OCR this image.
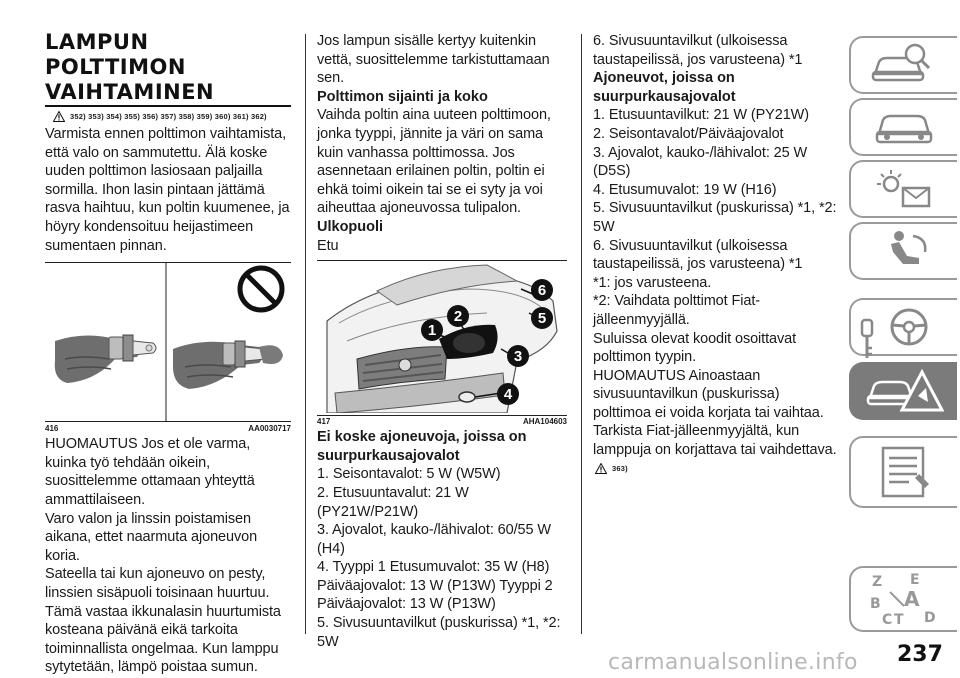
LAMPUN
POLTTIMON
VAIHTAMINEN
352) 353) 354) 355) 356) 357) 358) 359) 360) 361) 362)

Varmista ennen polttimon vaihtamista, että valo on sammutettu. Älä koske uuden polttimon lasiosaan paljailla sormilla. Ihon lasin pintaan jättämä rasva haihtuu, kun poltin kuumenee, ja höyry kondensoituu heijastimeen sumentaen pinnan.

416	AA0030717

HUOMAUTUS Jos et ole varma, kuinka työ tehdään oikein, suosittelemme ottamaan yhteyttä ammattilaiseen.

Varo valon ja linssin poistamisen aikana, ettet naarmuta ajoneuvon koria.

Sateella tai kun ajoneuvo on pesty, linssien sisäpuoli toisinaan huurtuu. Tämä vastaa ikkunalasin huurtumista kosteana päivänä eikä tarkoita toiminnallista ongelmaa. Kun lamppu sytytetään, lämpö poistaa sumun.

Jos lampun sisälle kertyy kuitenkin vettä, suosittelemme tarkistuttamaan sen.

Polttimon sijainti ja koko

Vaihda poltin aina uuteen polttimoon, jonka tyyppi, jännite ja väri on sama kuin vanhassa polttimossa. Jos asennetaan erilainen poltin, poltin ei ehkä toimi oikein tai se ei syty ja voi aiheuttaa ajoneuvossa tulipalon.

Ulkopuoli

Etu

1
2
3
4
5
6
417	AHA104603

Ei koske ajoneuvoja, joissa on

suurpurkausajovalot

1. Seisontavalot: 5 W (W5W)

2. Etusuuntavalut: 21 W (PY21W/P21W)

3. Ajovalot, kauko-/lähivalot: 60/55 W (H4)

4. Tyyppi 1 Etusumuvalot: 35 W (H8) Päiväajovalot: 13 W (P13W) Tyyppi 2 Päiväajovalot: 13 W (P13W)

5. Sivusuuntavilkut (puskurissa) *1, *2: 5W

6. Sivusuuntavilkut (ulkoisessa taustapeilissä, jos varusteena) *1

Ajoneuvot, joissa on

suurpurkausajovalot

1. Etusuuntavilkut: 21 W (PY21W)

2. Seisontavalot/Päiväajovalot

3. Ajovalot, kauko-/lähivalot: 25 W (D5S)

4. Etusumuvalot: 19 W (H16)

5. Sivusuuntavilkut (puskurissa) *1, *2: 5W

6. Sivusuuntavilkut (ulkoisessa taustapeilissä, jos varusteena) *1

*1: jos varusteena.

*2: Vaihdata polttimot Fiat-jälleenmyyjällä.

Suluissa olevat koodit osoittavat polttimon tyypin.

HUOMAUTUS Ainoastaan sivusuuntavilkun (puskurissa) polttimoa ei voida korjata tai vaihtaa. Tarkista Fiat-jälleenmyyjältä, kun lamppuja on korjattava tai vaihdettava.

363)
Z E
B A
C T D
carmanualsonline.info 237
